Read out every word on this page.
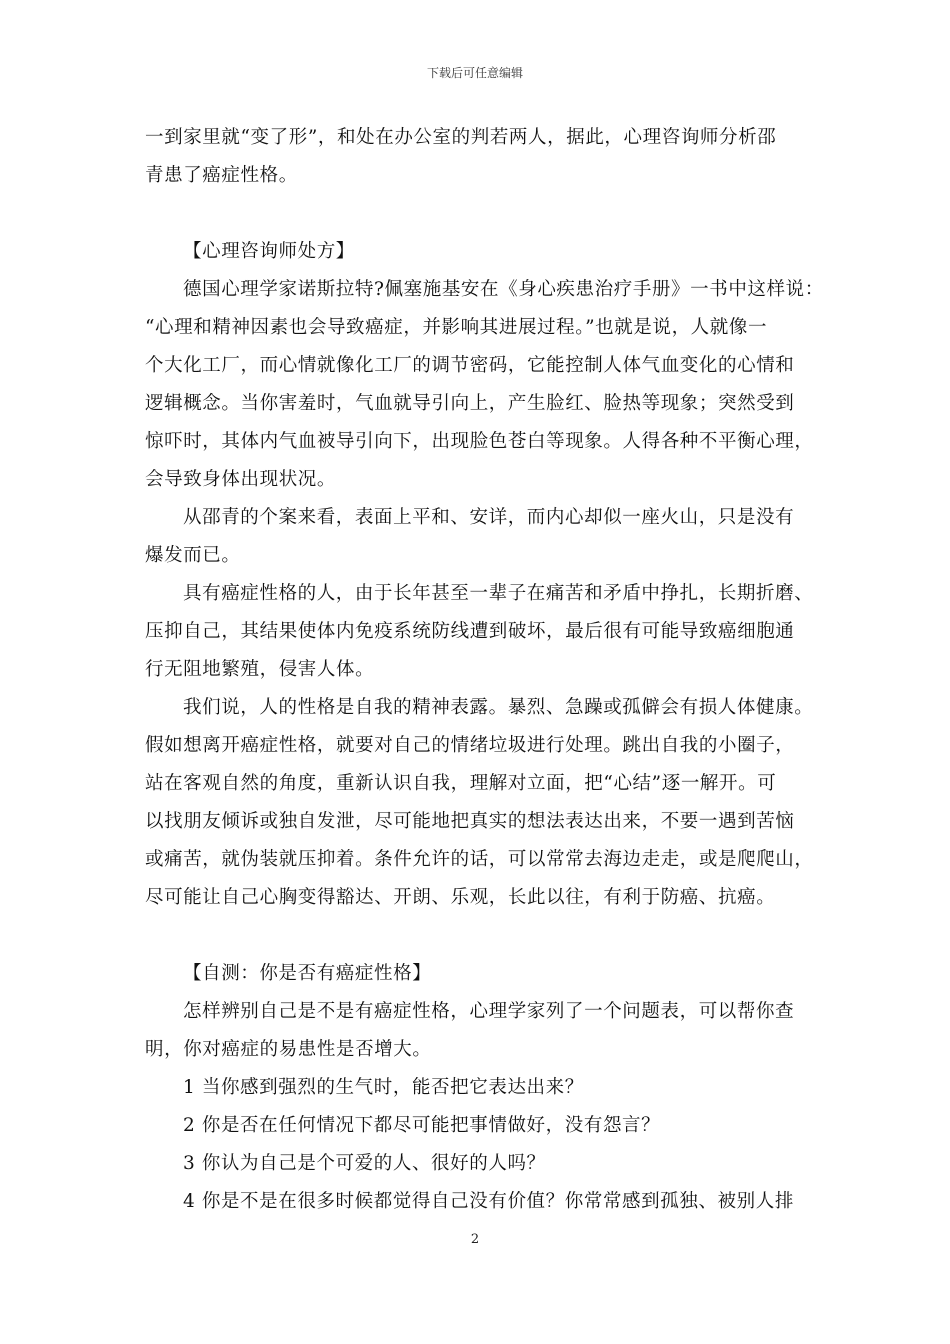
下载后可任意编辑
一到家里就“变了形”，和处在办公室的判若两人，据此，心理咨询师分析邵
青患了癌症性格。
【心理咨询师处方】
德国心理学家诺斯拉特?佩塞施基安在《身心疾患治疗手册》一书中这样说：
“心理和精神因素也会导致癌症，并影响其进展过程。”也就是说，人就像一
个大化工厂，而心情就像化工厂的调节密码，它能控制人体气血变化的心情和
逻辑概念。当你害羞时，气血就导引向上，产生脸红、脸热等现象；突然受到
惊吓时，其体内气血被导引向下，出现脸色苍白等现象。人得各种不平衡心理，
会导致身体出现状况。
从邵青的个案来看，表面上平和、安详，而内心却似一座火山，只是没有
爆发而已。
具有癌症性格的人，由于长年甚至一辈子在痛苦和矛盾中挣扎，长期折磨、
压抑自己，其结果使体内免疫系统防线遭到破坏，最后很有可能导致癌细胞通
行无阻地繁殖，侵害人体。
我们说，人的性格是自我的精神表露。暴烈、急躁或孤僻会有损人体健康。
假如想离开癌症性格，就要对自己的情绪垃圾进行处理。跳出自我的小圈子，
站在客观自然的角度，重新认识自我，理解对立面，把“心结”逐一解开。可
以找朋友倾诉或独自发泄，尽可能地把真实的想法表达出来，不要一遇到苦恼
或痛苦，就伪装就压抑着。条件允许的话，可以常常去海边走走，或是爬爬山，
尽可能让自己心胸变得豁达、开朗、乐观，长此以往，有利于防癌、抗癌。
【自测：你是否有癌症性格】
怎样辨别自己是不是有癌症性格，心理学家列了一个问题表，可以帮你查
明，你对癌症的易患性是否增大。
1 当你感到强烈的生气时，能否把它表达出来？
2 你是否在任何情况下都尽可能把事情做好，没有怨言？
3 你认为自己是个可爱的人、很好的人吗？
4 你是不是在很多时候都觉得自己没有价值？你常常感到孤独、被别人排
2
